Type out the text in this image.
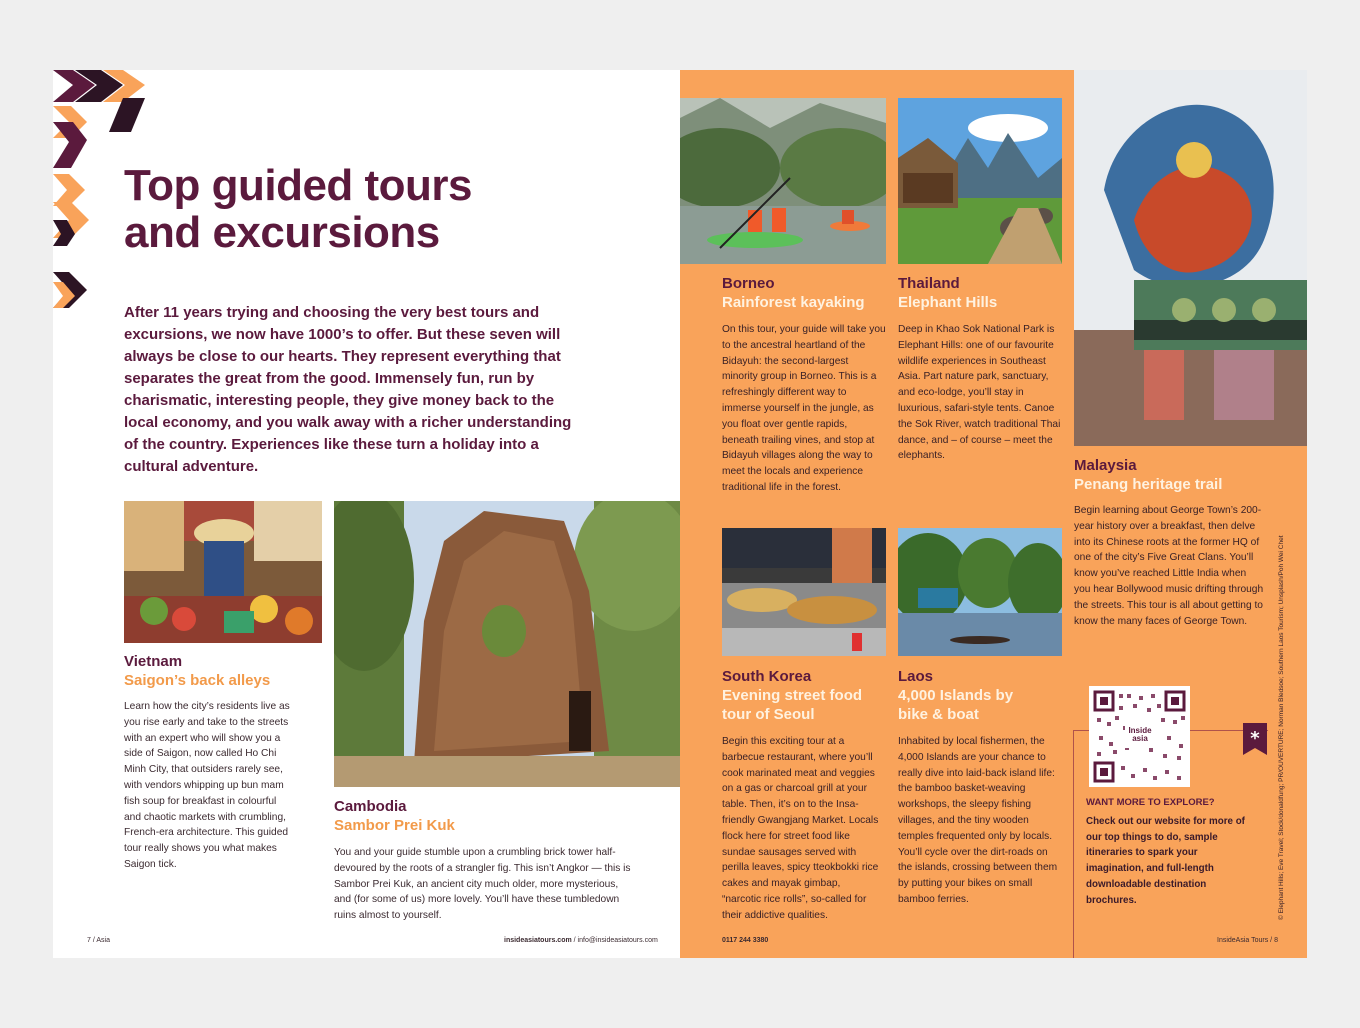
Top guided tours
and excursions

After 11 years trying and choosing the very best tours and excursions, we now have 1000’s to offer. But these seven will always be close to our hearts. They represent everything that separates the great from the good. Immensely fun, run by charismatic, interesting people, they give money back to the local economy, and you walk away with a richer understanding of the country. Experiences like these turn a holiday into a cultural adventure.

Vietnam
Saigon’s back alleys

Learn how the city’s residents live as you rise early and take to the streets with an expert who will show you a side of Saigon, now called Ho Chi Minh City, that outsiders rarely see, with vendors whipping up bun mam fish soup for breakfast in colourful and chaotic markets with crumbling, French-era architecture. This guided tour really shows you what makes Saigon tick.

Cambodia
Sambor Prei Kuk

You and your guide stumble upon a crumbling brick tower half-devoured by the roots of a strangler fig. This isn’t Angkor — this is Sambor Prei Kuk, an ancient city much older, more mysterious, and (for some of us) more lovely. You’ll have these tumbledown ruins almost to yourself.

7 / Asia	insideasiatours.com / info@insideasiatours.com
Borneo
Rainforest kayaking

On this tour, your guide will take you to the ancestral heartland of the Bidayuh: the second-largest minority group in Borneo. This is a refreshingly different way to immerse yourself in the jungle, as you float over gentle rapids, beneath trailing vines, and stop at Bidayuh villages along the way to meet the locals and experience traditional life in the forest.

Thailand
Elephant Hills

Deep in Khao Sok National Park is Elephant Hills: one of our favourite wildlife experiences in Southeast Asia. Part nature park, sanctuary, and eco-lodge, you’ll stay in luxurious, safari-style tents. Canoe the Sok River, watch traditional Thai dance, and – of course – meet the elephants.

Malaysia
Penang heritage trail

Begin learning about George Town’s 200-year history over a breakfast, then delve into its Chinese roots at the former HQ of one of the city’s Five Great Clans. You’ll know you’ve reached Little India when you hear Bollywood music drifting through the streets. This tour is all about getting to know the many faces of George Town.

South Korea
Evening street food
tour of Seoul

Begin this exciting tour at a barbecue restaurant, where you’ll cook marinated meat and veggies on a gas or charcoal grill at your table. Then, it’s on to the Insa-friendly Gwangjang Market. Locals flock here for street food like sundae sausages served with perilla leaves, spicy tteokbokki rice cakes and mayak gimbap, “narcotic rice rolls”, so-called for their addictive qualities.

Laos
4,000 Islands by
bike & boat

Inhabited by local fishermen, the 4,000 Islands are your chance to really dive into laid-back island life: the bamboo basket-weaving workshops, the sleepy fishing villages, and the tiny wooden temples frequented only by locals. You’ll cycle over the dirt-roads on the islands, crossing between them by putting your bikes on small bamboo ferries.

Inside
asia	*
WANT MORE TO EXPLORE?
Check out our website for more of our top things to do, sample itineraries to spark your imagination, and full-length downloadable destination brochures.
0117 244 3380	InsideAsia Tours / 8
© Elephant Hills; Eve Travel; Stock/donaldfung; PR/OUVERTURE; Norman Bledsoe; Southern Laos Tourism; Unsplash/Poh Wei Chet
